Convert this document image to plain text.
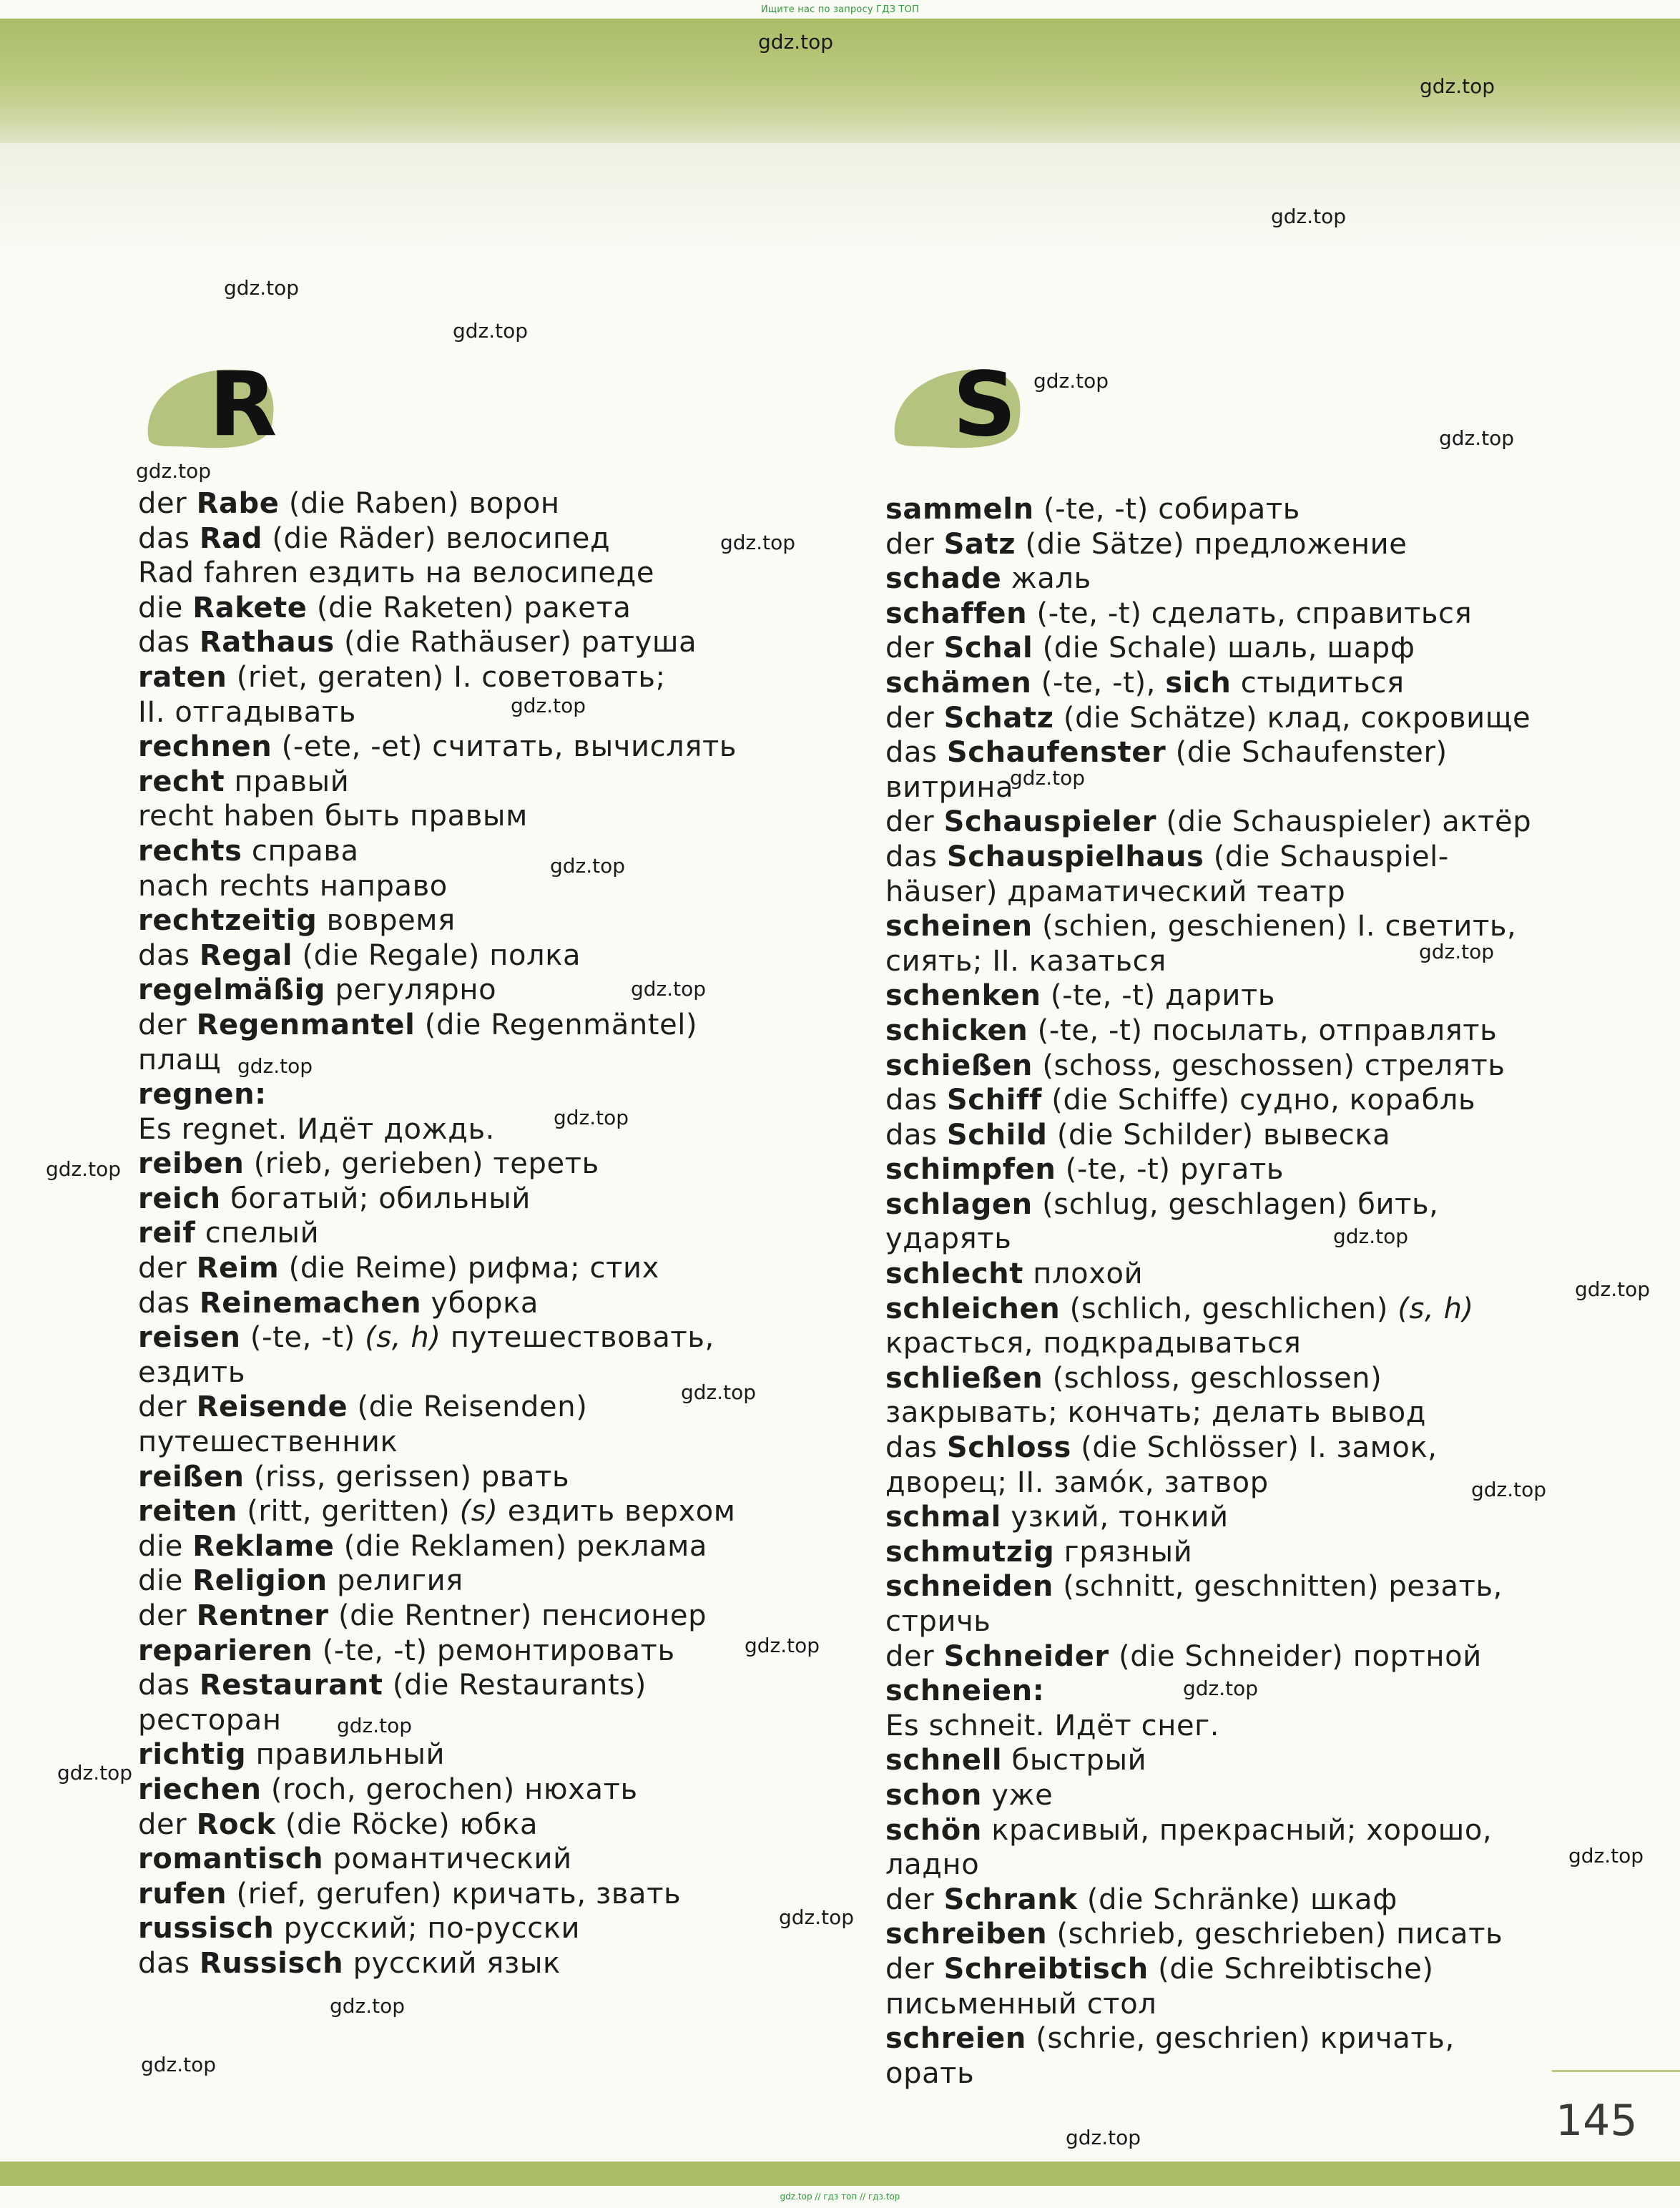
Ищите нас по запросу ГДЗ ТОП
gdz.top // гдз топ // гдз.top
R	S
der Rabe (die Raben) ворон
das Rad (die Räder) велосипед
Rad fahren ездить на велосипеде
die Rakete (die Raketen) ракета
das Rathaus (die Rathäuser) ратуша
raten (riet, geraten) I. советовать;
II. отгадывать
rechnen (-ete, -et) считать, вычислять
recht правый
recht haben быть правым
rechts справа
nach rechts направо
rechtzeitig вовремя
das Regal (die Regale) полка
regelmäßig регулярно
der Regenmantel (die Regenmäntel)
плащ
regnen:
Es regnet. Идёт дождь.
reiben (rieb, gerieben) тереть
reich богатый; обильный
reif спелый
der Reim (die Reime) рифма; стих
das Reinemachen уборка
reisen (-te, -t) (s, h) путешествовать,
ездить
der Reisende (die Reisenden)
путешественник
reißen (riss, gerissen) рвать
reiten (ritt, geritten) (s) ездить верхом
die Reklame (die Reklamen) реклама
die Religion религия
der Rentner (die Rentner) пенсионер
reparieren (-te, -t) ремонтировать
das Restaurant (die Restaurants)
ресторан
richtig правильный
riechen (roch, gerochen) нюхать
der Rock (die Röcke) юбка
romantisch романтический
rufen (rief, gerufen) кричать, звать
russisch русский; по-русски
das Russisch русский язык
sammeln (-te, -t) собирать
der Satz (die Sätze) предложение
schade жаль
schaffen (-te, -t) сделать, справиться
der Schal (die Schale) шаль, шарф
schämen (-te, -t), sich стыдиться
der Schatz (die Schätze) клад, сокровище
das Schaufenster (die Schaufenster)
витрина
der Schauspieler (die Schauspieler) актёр
das Schauspielhaus (die Schauspiel-
häuser) драматический театр
scheinen (schien, geschienen) I. светить,
сиять; II. казаться
schenken (-te, -t) дарить
schicken (-te, -t) посылать, отправлять
schießen (schoss, geschossen) стрелять
das Schiff (die Schiffe) судно, корабль
das Schild (die Schilder) вывеска
schimpfen (-te, -t) ругать
schlagen (schlug, geschlagen) бить,
ударять
schlecht плохой
schleichen (schlich, geschlichen) (s, h)
красться, подкрадываться
schließen (schloss, geschlossen)
закрывать; кончать; делать вывод
das Schloss (die Schlösser) I. замок,
дворец; II. замóк, затвор
schmal узкий, тонкий
schmutzig грязный
schneiden (schnitt, geschnitten) резать,
стричь
der Schneider (die Schneider) портной
schneien:
Es schneit. Идёт снег.
schnell быстрый
schon уже
schön красивый, прекрасный; хорошо,
ладно
der Schrank (die Schränke) шкаф
schreiben (schrieb, geschrieben) писать
der Schreibtisch (die Schreibtische)
письменный стол
schreien (schrie, geschrien) кричать,
орать
145
gdz.top
gdz.top
gdz.top
gdz.top
gdz.top
gdz.top
gdz.top
gdz.top
gdz.top
gdz.top
gdz.top
gdz.top
gdz.top
gdz.top
gdz.top
gdz.top
gdz.top
gdz.top
gdz.top
gdz.top
gdz.top
gdz.top
gdz.top
gdz.top
gdz.top
gdz.top
gdz.top
gdz.top
gdz.top
gdz.top
